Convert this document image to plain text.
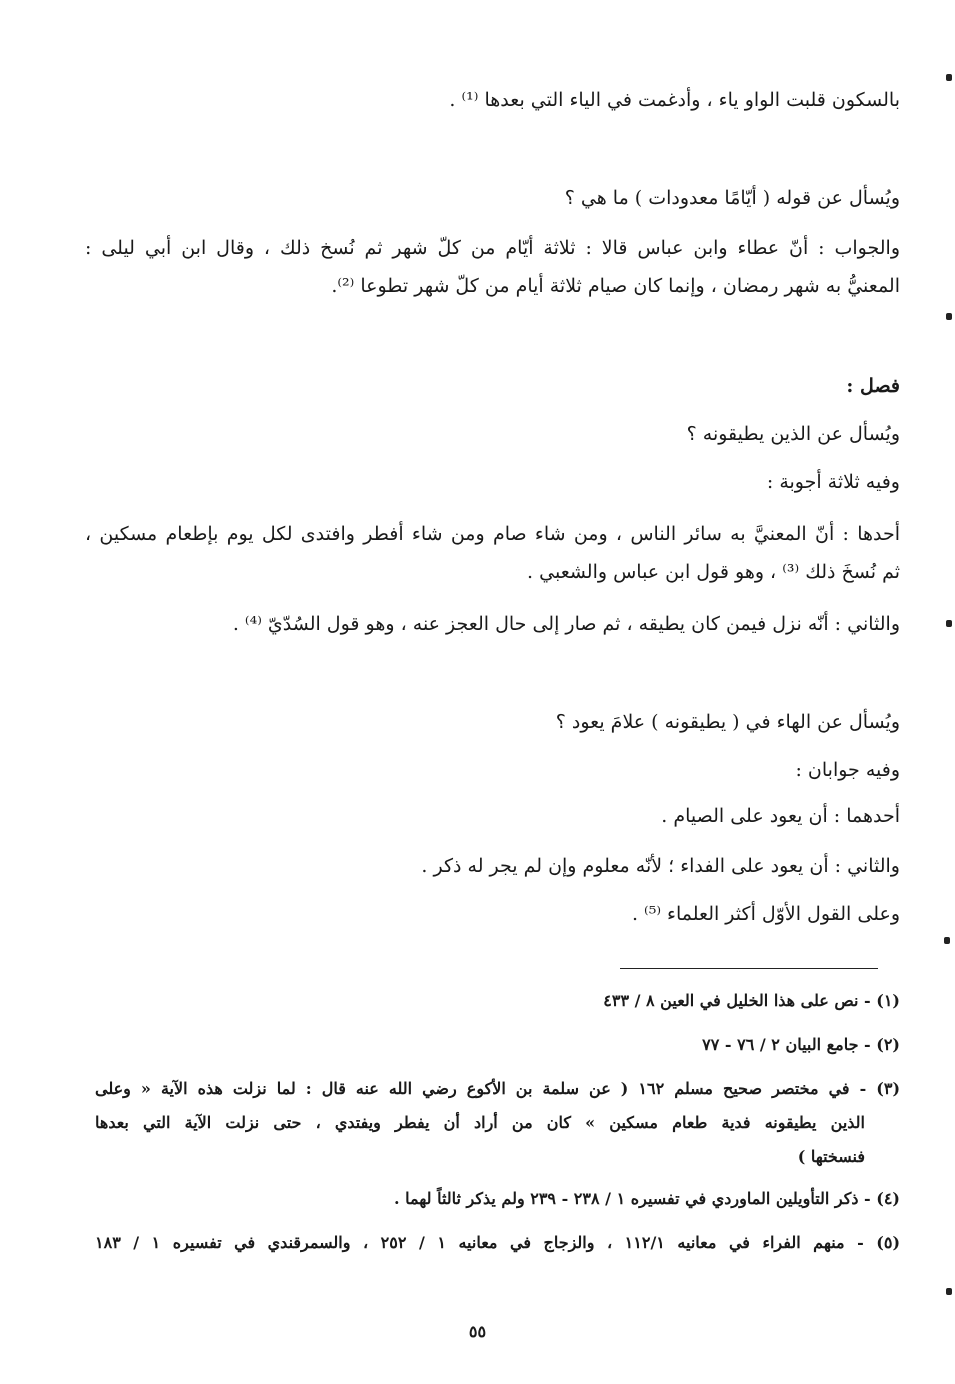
بالسكون قلبت الواو ياء ، وأدغمت في الياء التي بعدها ⁽¹⁾ .
ويُسأل عن قوله ( أيّامًا معدودات ) ما هي ؟
والجواب : أنّ عطاء وابن عباس قالا : ثلاثة أيّام من كلّ شهر ثم نُسخ ذلك ، وقال ابن أبي ليلى :
المعنيُّ به شهر رمضان ، وإنما كان صيام ثلاثة أيام من كلّ شهر تطوعا ⁽²⁾.
فصل :
ويُسأل عن الذين يطيقونه ؟
وفيه ثلاثة أجوبة :
أحدها : أنّ المعنيَّ به سائر الناس ، ومن شاء صام ومن شاء أفطر وافتدى لكل يوم بإطعام مسكين ،
ثم نُسخَ ذلك ⁽³⁾ ، وهو قول ابن عباس والشعبي .
والثاني : أنّه نزل فيمن كان يطيقه ، ثم صار إلى حال العجز عنه ، وهو قول السُدّيّ ⁽⁴⁾ .
ويُسأل عن الهاء في ( يطيقونه ) علامَ يعود ؟
وفيه جوابان :
أحدهما : أن يعود على الصيام .
والثاني : أن يعود على الفداء ؛ لأنّه معلوم وإن لم يجر له ذكر .
وعلى القول الأوّل أكثر العلماء ⁽⁵⁾ .
(١) - نص على هذا الخليل في العين ٨ / ٤٣٣
(٢) - جامع البيان ٢ / ٧٦ - ٧٧
(٣) - في مختصر صحيح مسلم ١٦٢ ( عن سلمة بن الأكوع رضي الله عنه قال : لما نزلت هذه الآية « وعلى
الذين يطيقونه فدية طعام مسكين » كان من أراد أن يفطر ويفتدي ، حتى نزلت الآية التي بعدها
فنسختها )
(٤) - ذكر التأويلين الماوردي في تفسيره ١ / ٢٣٨ - ٢٣٩ ولم يذكر ثالثاً لهما .
(٥) - منهم الفراء في معانيه ١١٢/١ ، والزجاج في معانيه ١ / ٢٥٢ ، والسمرقندي في تفسيره ١ / ١٨٣
٥٥
